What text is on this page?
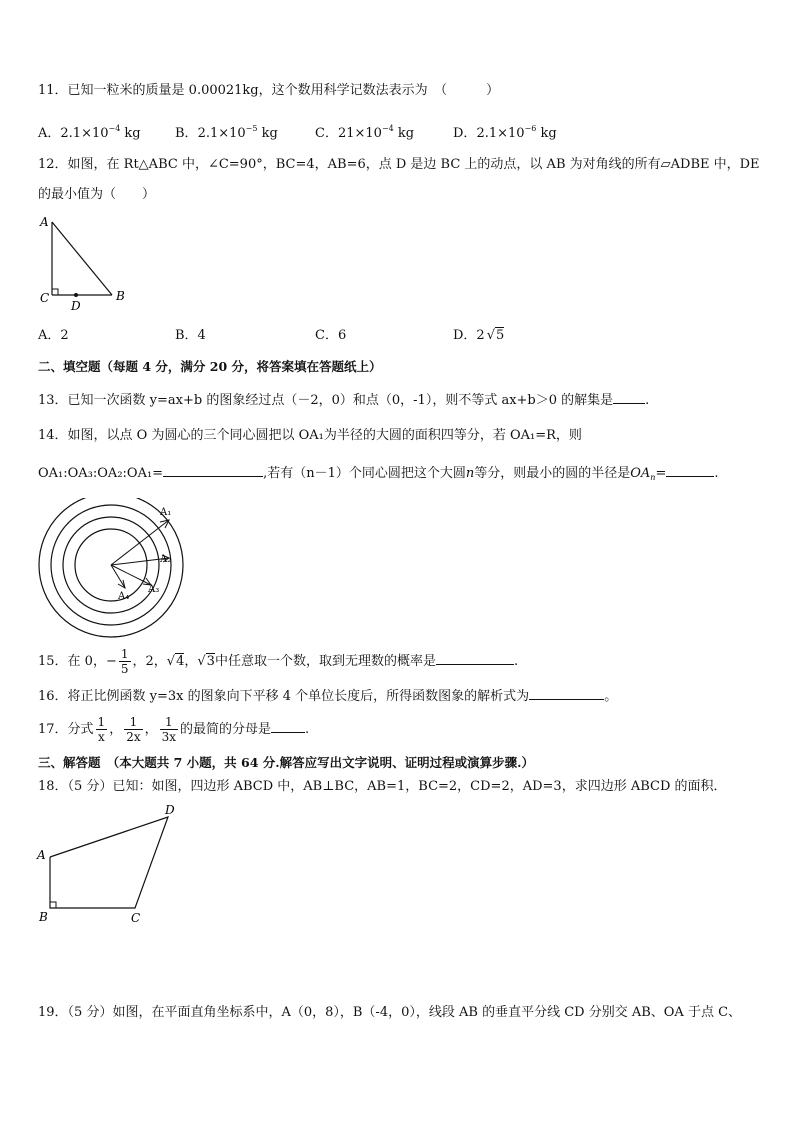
11．已知一粒米的质量是 0.00021kg，这个数用科学记数法表示为　（　　　）
A．$2.1\times 10^{-4}$ kg	B．$2.1\times 10^{-5}$ kg	C．$21\times 10^{-4}$ kg	D．$2.1\times 10^{-6}$ kg
12．如图，在 Rt△ABC 中，∠C=90°，BC=4，AB=6，点 D 是边 BC 上的动点，以 AB 为对角线的所有▱ADBE 中，DE
的最小值为（　　）
A
C
D
B
A．2	B．4	C．6	D．2 √5
二、填空题（每题 4 分，满分 20 分，将答案填在答题纸上）
13．已知一次函数 y=ax+b 的图象经过点（－2，0）和点（0，-1），则不等式 ax+b＞0 的解集是 .
14．如图，以点 O 为圆心的三个同心圆把以 OA₁为半径的大圆的面积四等分，若 OA₁=R，则
OA₁:OA₃:OA₂:OA₁=	,若有（n－1）个同心圆把这个大圆n等分，则最小的圆的半径是$OA_n=$	.
A₁
A₂
A₃
A₄
15．在 0，− $\frac{1}{5}$ ，2，√4，√3中任意取一个数，取到无理数的概率是	.
16．将正比例函数 y=3x 的图象向下平移 4 个单位长度后，所得函数图象的解析式为	。
17．分式 $\frac{1}{x}$ ， $\frac{1}{2x}$ ， $\frac{1}{3x}$ 的最简的分母是	.
三、解答题　（本大题共 7 小题，共 64 分.解答应写出文字说明、证明过程或演算步骤.）
18．（5 分）已知：如图，四边形 ABCD 中，AB⊥BC，AB=1，BC=2，CD=2，AD=3，求四边形 ABCD 的面积．
D
A
B	C
19．（5 分）如图，在平面直角坐标系中，A（0，8），B（-4，0），线段 AB 的垂直平分线 CD 分别交 AB、OA 于点 C、
